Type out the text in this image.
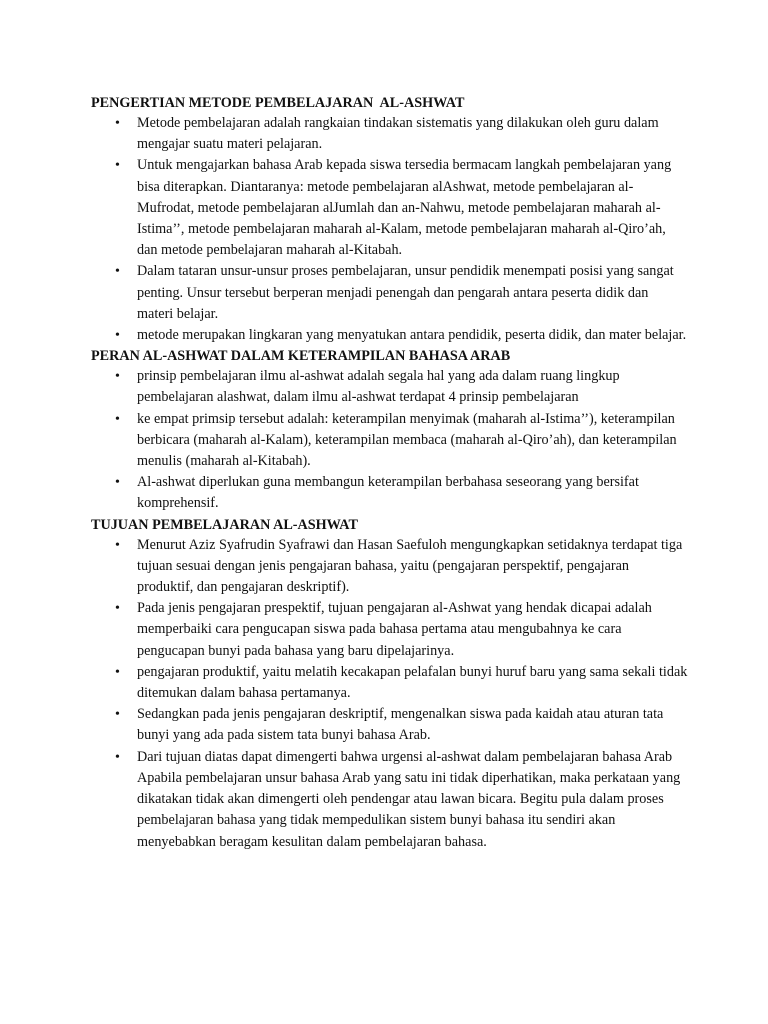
PENGERTIAN METODE PEMBELAJARAN  AL-ASHWAT
• Metode pembelajaran adalah rangkaian tindakan sistematis yang dilakukan oleh guru dalam mengajar suatu materi pelajaran.
• Untuk mengajarkan bahasa Arab kepada siswa tersedia bermacam langkah pembelajaran yang bisa diterapkan. Diantaranya: metode pembelajaran alAshwat, metode pembelajaran al-Mufrodat, metode pembelajaran alJumlah dan an-Nahwu, metode pembelajaran maharah al-Istima’’, metode pembelajaran maharah al-Kalam, metode pembelajaran maharah al-Qiro’ah, dan metode pembelajaran maharah al-Kitabah.
• Dalam tataran unsur-unsur proses pembelajaran, unsur pendidik menempati posisi yang sangat penting. Unsur tersebut berperan menjadi penengah dan pengarah antara peserta didik dan materi belajar.
• metode merupakan lingkaran yang menyatukan antara pendidik, peserta didik, dan mater belajar.
PERAN AL-ASHWAT DALAM KETERAMPILAN BAHASA ARAB
• prinsip pembelajaran ilmu al-ashwat adalah segala hal yang ada dalam ruang lingkup pembelajaran alashwat, dalam ilmu al-ashwat terdapat 4 prinsip pembelajaran
• ke empat primsip tersebut adalah: keterampilan menyimak (maharah al-Istima’’), keterampilan berbicara (maharah al-Kalam), keterampilan membaca (maharah al-Qiro’ah), dan keterampilan menulis (maharah al-Kitabah).
• Al-ashwat diperlukan guna membangun keterampilan berbahasa seseorang yang bersifat komprehensif.
TUJUAN PEMBELAJARAN AL-ASHWAT
• Menurut Aziz Syafrudin Syafrawi dan Hasan Saefuloh mengungkapkan setidaknya terdapat tiga tujuan sesuai dengan jenis pengajaran bahasa, yaitu (pengajaran perspektif, pengajaran produktif, dan pengajaran deskriptif).
• Pada jenis pengajaran prespektif, tujuan pengajaran al-Ashwat yang hendak dicapai adalah memperbaiki cara pengucapan siswa pada bahasa pertama atau mengubahnya ke cara pengucapan bunyi pada bahasa yang baru dipelajarinya.
• pengajaran produktif, yaitu melatih kecakapan pelafalan bunyi huruf baru yang sama sekali tidak ditemukan dalam bahasa pertamanya.
• Sedangkan pada jenis pengajaran deskriptif, mengenalkan siswa pada kaidah atau aturan tata bunyi yang ada pada sistem tata bunyi bahasa Arab.
• Dari tujuan diatas dapat dimengerti bahwa urgensi al-ashwat dalam pembelajaran bahasa Arab Apabila pembelajaran unsur bahasa Arab yang satu ini tidak diperhatikan, maka perkataan yang dikatakan tidak akan dimengerti oleh pendengar atau lawan bicara. Begitu pula dalam proses pembelajaran bahasa yang tidak mempedulikan sistem bunyi bahasa itu sendiri akan menyebabkan beragam kesulitan dalam pembelajaran bahasa.
